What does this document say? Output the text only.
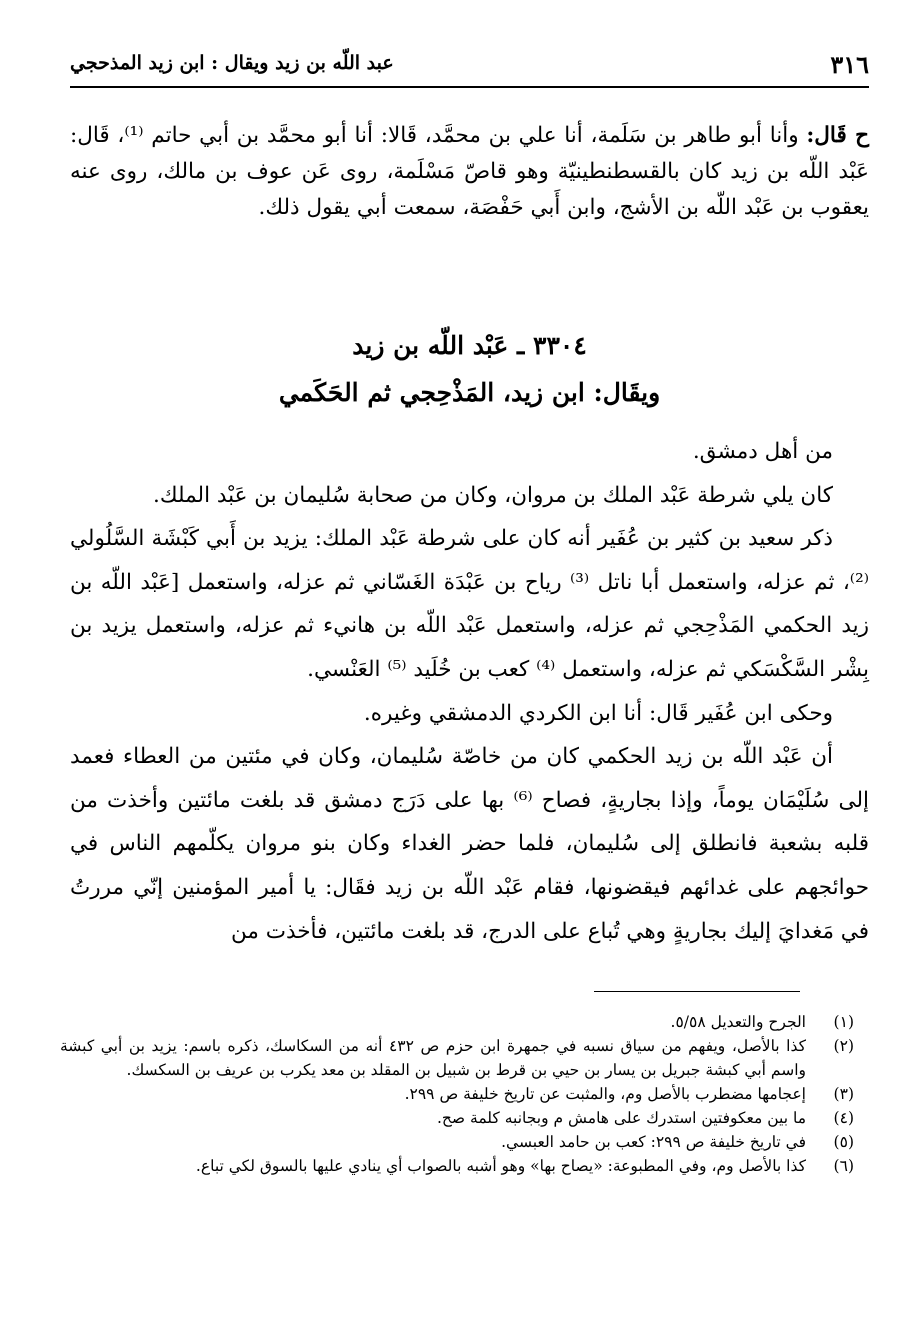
٣١٦
عبد اللّه بن زيد ويقال : ابن زيد المذحجي
ح قَال: وأنا أبو طاهر بن سَلَمة، أنا علي بن محمَّد، قَالا: أنا أبو محمَّد بن أبي حاتم ⁽¹⁾، قَال: عَبْد اللّه بن زيد كان بالقسطنطينيّة وهو قاصّ مَسْلَمة، روى عَن عوف بن مالك، روى عنه يعقوب بن عَبْد اللّه بن الأشج، وابن أَبي حَفْصَة، سمعت أبي يقول ذلك.
٣٣٠٤ ـ عَبْد اللّه بن زيد
ويقَال: ابن زيد، المَذْحِجي ثم الحَكَمي

من أهل دمشق.

كان يلي شرطة عَبْد الملك بن مروان، وكان من صحابة سُليمان بن عَبْد الملك.

ذكر سعيد بن كثير بن عُفَير أنه كان على شرطة عَبْد الملك: يزيد بن أَبي كَبْشَة السَّلُولي ⁽²⁾، ثم عزله، واستعمل أبا ناتل ⁽³⁾ رياح بن عَبْدَة الغَسّاني ثم عزله، واستعمل [عَبْد اللّه بن زيد الحكمي المَذْحِجي ثم عزله، واستعمل عَبْد اللّه بن هانيء ثم عزله، واستعمل يزيد بن بِشْر السَّكْسَكي ثم عزله، واستعمل ⁽⁴⁾ كعب بن خُلَيد ⁽⁵⁾ العَنْسي.

وحكى ابن عُفَير قَال: أنا ابن الكردي الدمشقي وغيره.

أن عَبْد اللّه بن زيد الحكمي كان من خاصّة سُليمان، وكان في مئتين من العطاء فعمد إلى سُلَيْمَان يوماً، وإذا بجاريةٍ، فصاح ⁽⁶⁾ بها على دَرَج دمشق قد بلغت مائتين وأخذت من قلبه بشعبة فانطلق إلى سُليمان، فلما حضر الغداء وكان بنو مروان يكلّمهم الناس في حوائجهم على غدائهم فيقضونها، فقام عَبْد اللّه بن زيد فقَال: يا أمير المؤمنين إنّي مررتُ في مَغدايَ إليك بجاريةٍ وهي تُباع على الدرج، قد بلغت مائتين، فأخذت من

(١)
الجرح والتعديل ٥/٥٨.
(٢)
كذا بالأصل، ويفهم من سياق نسبه في جمهرة ابن حزم ص ٤٣٢ أنه من السكاسك، ذكره باسم: يزيد بن أبي كبشة واسم أبي كبشة جبريل بن يسار بن حيي بن قرط بن شبيل بن المقلد بن معد يكرب بن عريف بن السكسك.
(٣)
إعجامها مضطرب بالأصل وم، والمثبت عن تاريخ خليفة ص ٢٩٩.
(٤)
ما بين معكوفتين استدرك على هامش م وبجانبه كلمة صح.
(٥)
في تاريخ خليفة ص ٢٩٩: كعب بن حامد العبسي.
(٦)
كذا بالأصل وم، وفي المطبوعة: «يصاح بها» وهو أشبه بالصواب أي ينادي عليها بالسوق لكي تباع.
